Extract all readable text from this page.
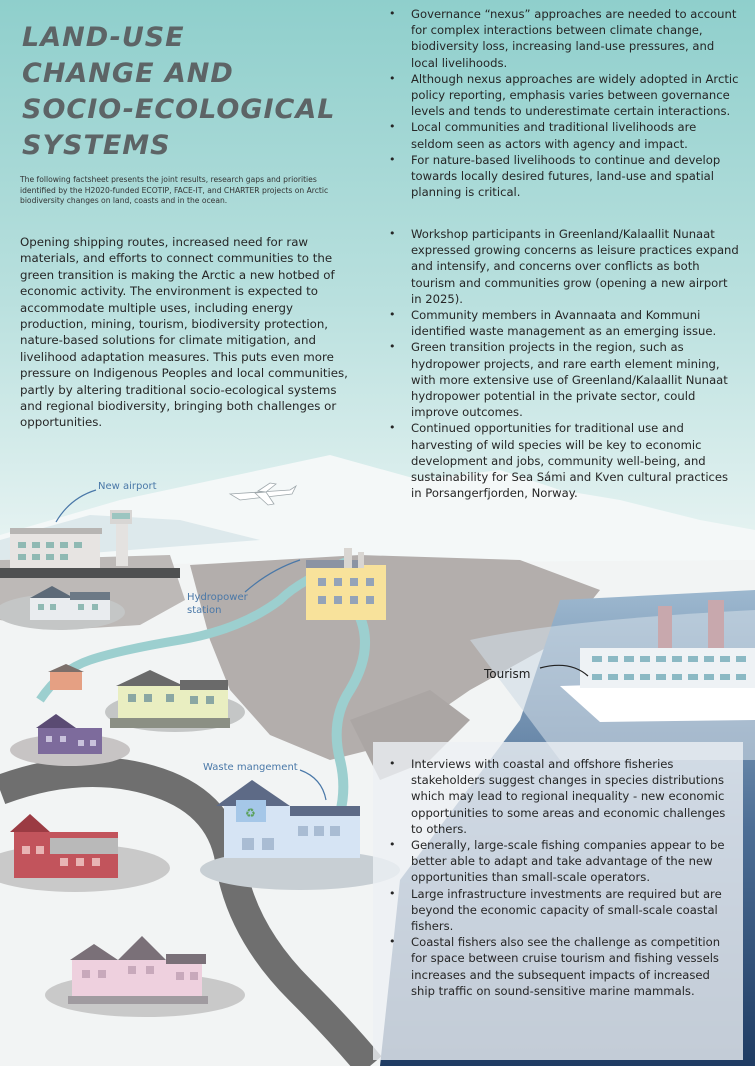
♻
LAND-USE
CHANGE AND
SOCIO-ECOLOGICAL
SYSTEMS

The following factsheet presents the joint results, research gaps and priorities identified by the H2020-funded ECOTIP, FACE-IT, and CHARTER projects on Arctic biodiversity changes on land, coasts and in the ocean.

Opening shipping routes, increased need for raw materials, and efforts to connect communities to the green transition is making the Arctic a new hotbed of economic activity. The environment is expected to accommodate multiple uses, including energy production, mining, tourism, biodiversity protection, nature-based solutions for climate mitigation, and livelihood adaptation measures. This puts even more pressure on Indigenous Peoples and local communities, partly by altering traditional socio-ecological systems and regional biodiversity, bringing both challenges or opportunities.

• Governance “nexus” approaches are needed to account for complex interactions between climate change, biodiversity loss, increasing land-use pressures, and local livelihoods.
• Although nexus approaches are widely adopted in Arctic policy reporting, emphasis varies between governance levels and tends to underestimate certain interactions.
• Local communities and traditional livelihoods are seldom seen as actors with agency and impact.
• For nature-based livelihoods to continue and develop towards locally desired futures, land-use and spatial planning is critical.
• Workshop participants in Greenland/Kalaallit Nunaat expressed growing concerns as leisure practices expand and intensify, and concerns over conflicts as both tourism and communities grow (opening a new airport in 2025).
• Community members in Avannaata and Kommuni identified waste management as an emerging issue.
• Green transition projects in the region, such as hydropower projects, and rare earth element mining, with more extensive use of Greenland/Kalaallit Nunaat hydropower potential in the private sector, could improve outcomes.
• Continued opportunities for traditional use and harvesting of wild species will be key to economic development and jobs, community well-being, and sustainability for Sea Sámi and Kven cultural practices in Porsangerfjorden, Norway.
• Interviews with coastal and offshore fisheries stakeholders suggest changes in species distributions which may lead to regional inequality - new economic opportunities to some areas and economic challenges to others.
• Generally, large-scale fishing companies appear to be better able to adapt and take advantage of the new opportunities than small-scale operators.
• Large infrastructure investments are required but are beyond the economic capacity of small-scale coastal fishers.
• Coastal fishers also see the challenge as competition for space between cruise tourism and fishing vessels increases and the subsequent impacts of increased ship traffic on sound-sensitive marine mammals.
New airport
Hydropower station
Waste mangement
Tourism
